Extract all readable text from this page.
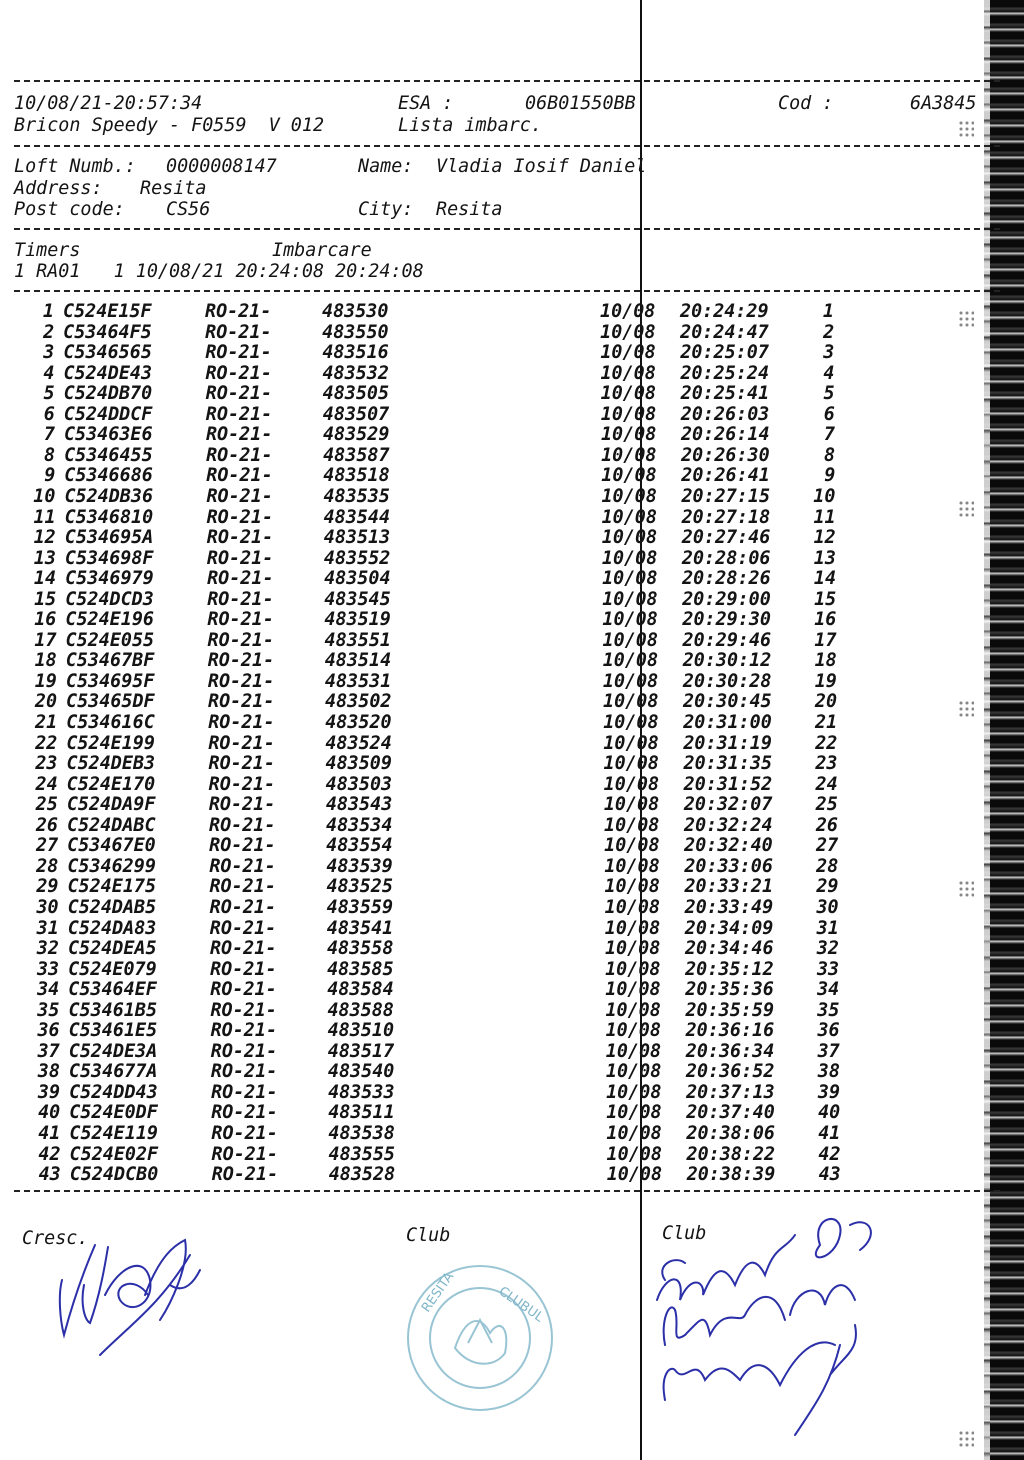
10/08/21-20:57:34	ESA :	06B01550BB	Cod :	6A3845
Bricon Speedy - F0559  V 012	Lista imbarc.
Loft Numb.: 0000008147	Name: Vladia Iosif Daniel
Address: Resita
Post code: CS56	City: Resita
Timers	Imbarcare
1 RA01   1 10/08/21 20:24:08 20:24:08
1 C524E15F	RO-21-	483530	10/08 20:24:29	1
2 C53464F5	RO-21-	483550	10/08 20:24:47	2
3 C5346565	RO-21-	483516	10/08 20:25:07	3
4 C524DE43	RO-21-	483532	10/08 20:25:24	4
5 C524DB70	RO-21-	483505	10/08 20:25:41	5
6 C524DDCF	RO-21-	483507	10/08 20:26:03	6
7 C53463E6	RO-21-	483529	10/08 20:26:14	7
8 C5346455	RO-21-	483587	10/08 20:26:30	8
9 C5346686	RO-21-	483518	10/08 20:26:41	9
10 C524DB36	RO-21-	483535	10/08 20:27:15	10
11 C5346810	RO-21-	483544	10/08 20:27:18	11
12 C534695A	RO-21-	483513	10/08 20:27:46	12
13 C534698F	RO-21-	483552	10/08 20:28:06	13
14 C5346979	RO-21-	483504	10/08 20:28:26	14
15 C524DCD3	RO-21-	483545	10/08 20:29:00	15
16 C524E196	RO-21-	483519	10/08 20:29:30	16
17 C524E055	RO-21-	483551	10/08 20:29:46	17
18 C53467BF	RO-21-	483514	10/08 20:30:12	18
19 C534695F	RO-21-	483531	10/08 20:30:28	19
20 C53465DF	RO-21-	483502	10/08 20:30:45	20
21 C534616C	RO-21-	483520	10/08 20:31:00	21
22 C524E199	RO-21-	483524	10/08 20:31:19	22
23 C524DEB3	RO-21-	483509	10/08 20:31:35	23
24 C524E170	RO-21-	483503	10/08 20:31:52	24
25 C524DA9F	RO-21-	483543	10/08 20:32:07	25
26 C524DABC	RO-21-	483534	10/08 20:32:24	26
27 C53467E0	RO-21-	483554	10/08 20:32:40	27
28 C5346299	RO-21-	483539	10/08 20:33:06	28
29 C524E175	RO-21-	483525	10/08 20:33:21	29
30 C524DAB5	RO-21-	483559	10/08 20:33:49	30
31 C524DA83	RO-21-	483541	10/08 20:34:09	31
32 C524DEA5	RO-21-	483558	10/08 20:34:46	32
33 C524E079	RO-21-	483585	10/08 20:35:12	33
34 C53464EF	RO-21-	483584	10/08 20:35:36	34
35 C53461B5	RO-21-	483588	10/08 20:35:59	35
36 C53461E5	RO-21-	483510	10/08 20:36:16	36
37 C524DE3A	RO-21-	483517	10/08 20:36:34	37
38 C534677A	RO-21-	483540	10/08 20:36:52	38
39 C524DD43	RO-21-	483533	10/08 20:37:13	39
40 C524E0DF	RO-21-	483511	10/08 20:37:40	40
41 C524E119	RO-21-	483538	10/08 20:38:06	41
42 C524E02F	RO-21-	483555	10/08 20:38:22	42
43 C524DCB0	RO-21-	483528	10/08 20:38:39	43
Cresc.	Club	Club
CLUBUL
RESITA
